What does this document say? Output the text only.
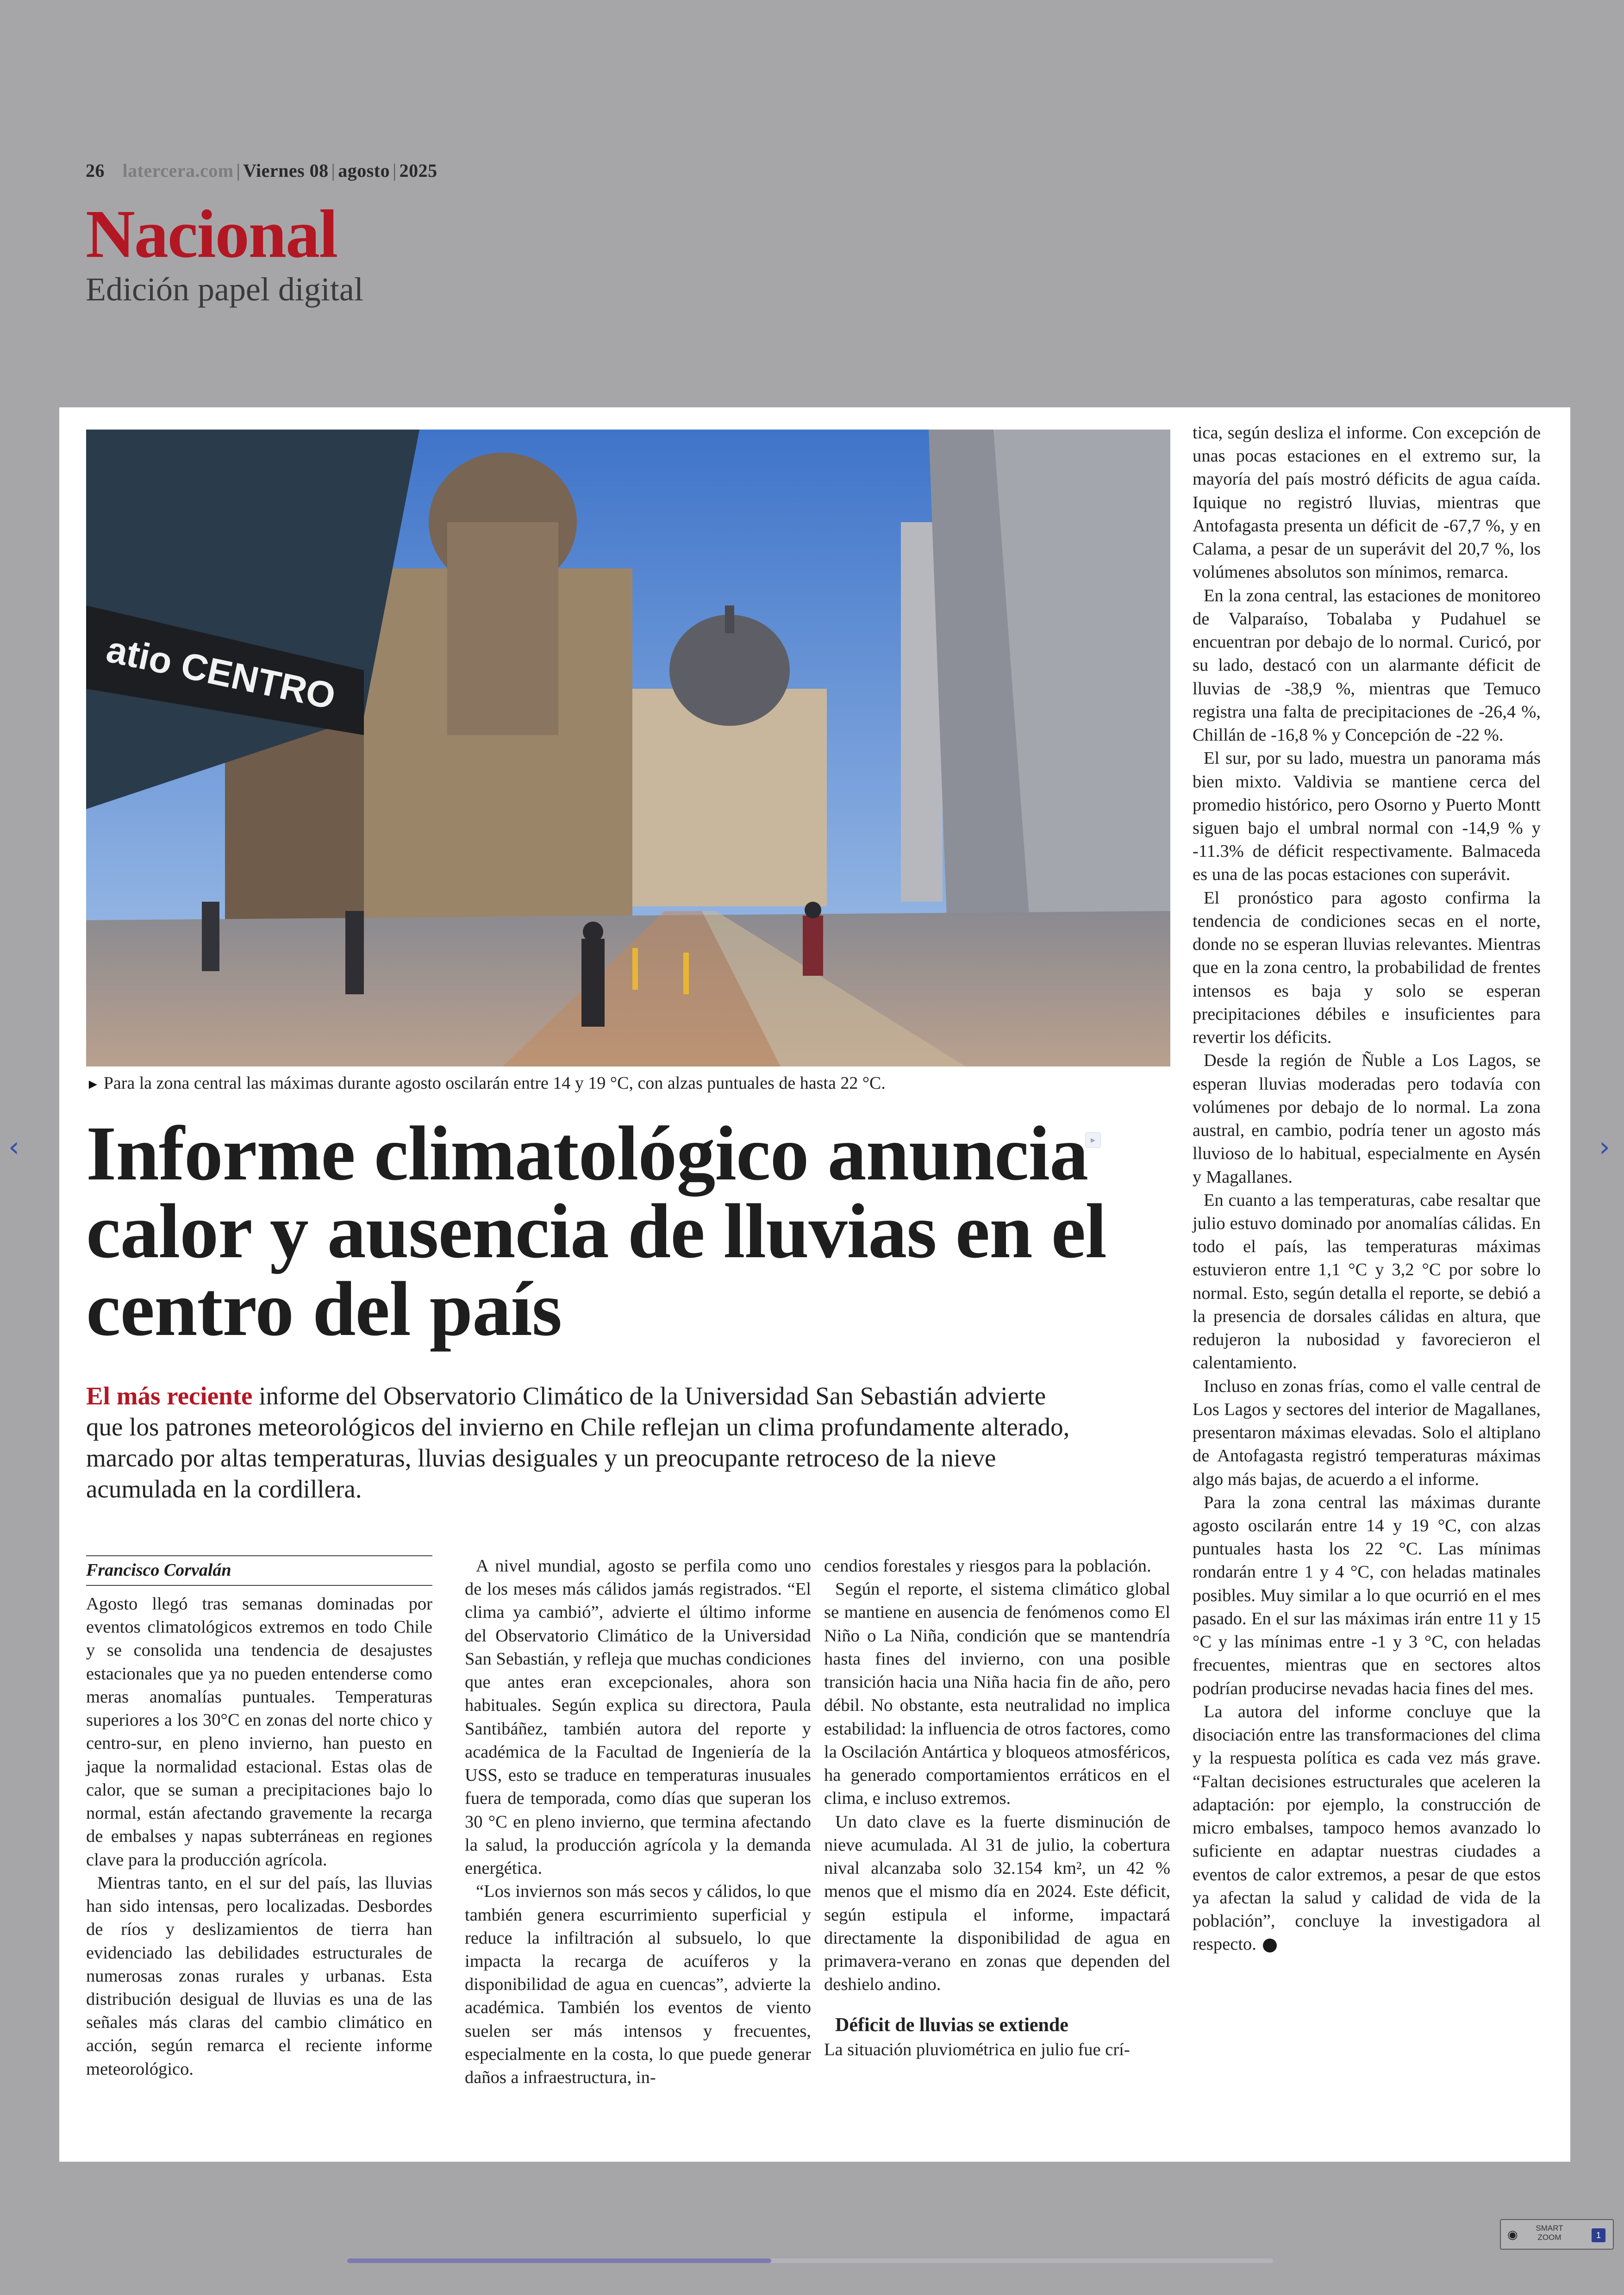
26 latercera.com | Viernes 08 | agosto | 2025
Nacional
Edición papel digital
atio CENTRO
► Para la zona central las máximas durante agosto oscilarán entre 14 y 19 °C, con alzas puntuales de hasta 22 °C.
▸
Informe climatológico anuncia calor y ausencia de lluvias en el centro del país
El más reciente informe del Observatorio Climático de la Universidad San Sebastián advierte que los patrones meteorológicos del invierno en Chile reflejan un clima profundamente alterado, marcado por altas temperaturas, lluvias desiguales y un preocupante retroceso de la nieve acumulada en la cordillera.
Francisco Corvalán

Agosto llegó tras semanas dominadas por eventos climatológicos extremos en todo Chile y se consolida una tendencia de desajustes estacionales que ya no pueden entenderse como meras anomalías puntuales. Temperaturas superiores a los 30°C en zonas del norte chico y centro-sur, en pleno invierno, han puesto en jaque la normalidad estacional. Estas olas de calor, que se suman a precipitaciones bajo lo normal, están afectando gravemente la recarga de embalses y napas subterráneas en regiones clave para la producción agrícola.

Mientras tanto, en el sur del país, las lluvias han sido intensas, pero localizadas. Desbordes de ríos y deslizamientos de tierra han evidenciado las debilidades estructurales de numerosas zonas rurales y urbanas. Esta distribución desigual de lluvias es una de las señales más claras del cambio climático en acción, según remarca el reciente informe meteorológico.

A nivel mundial, agosto se perfila como uno de los meses más cálidos jamás registrados. “El clima ya cambió”, advierte el último informe del Observatorio Climático de la Universidad San Sebastián, y refleja que muchas condiciones que antes eran excepcionales, ahora son habituales. Según explica su directora, Paula Santibáñez, también autora del reporte y académica de la Facultad de Ingeniería de la USS, esto se traduce en temperaturas inusuales fuera de temporada, como días que superan los 30 °C en pleno invierno, que termina afectando la salud, la producción agrícola y la demanda energética.

“Los inviernos son más secos y cálidos, lo que también genera escurrimiento superficial y reduce la infiltración al subsuelo, lo que impacta la recarga de acuíferos y la disponibilidad de agua en cuencas”, advierte la académica. También los eventos de viento suelen ser más intensos y frecuentes, especialmente en la costa, lo que puede generar daños a infraestructura, in-

cendios forestales y riesgos para la población.

Según el reporte, el sistema climático global se mantiene en ausencia de fenómenos como El Niño o La Niña, condición que se mantendría hasta fines del invierno, con una posible transición hacia una Niña hacia fin de año, pero débil. No obstante, esta neutralidad no implica estabilidad: la influencia de otros factores, como la Oscilación Antártica y bloqueos atmosféricos, ha generado comportamientos erráticos en el clima, e incluso extremos.

Un dato clave es la fuerte disminución de nieve acumulada. Al 31 de julio, la cobertura nival alcanzaba solo 32.154 km², un 42 % menos que el mismo día en 2024. Este déficit, según estipula el informe, impactará directamente la disponibilidad de agua en primavera-verano en zonas que dependen del deshielo andino.

Déficit de lluvias se extiende

La situación pluviométrica en julio fue crí-

tica, según desliza el informe. Con excepción de unas pocas estaciones en el extremo sur, la mayoría del país mostró déficits de agua caída. Iquique no registró lluvias, mientras que Antofagasta presenta un déficit de -67,7 %, y en Calama, a pesar de un superávit del 20,7 %, los volúmenes absolutos son mínimos, remarca.

En la zona central, las estaciones de monitoreo de Valparaíso, Tobalaba y Pudahuel se encuentran por debajo de lo normal. Curicó, por su lado, destacó con un alarmante déficit de lluvias de -38,9 %, mientras que Temuco registra una falta de precipitaciones de -26,4 %, Chillán de -16,8 % y Concepción de -22 %.

El sur, por su lado, muestra un panorama más bien mixto. Valdivia se mantiene cerca del promedio histórico, pero Osorno y Puerto Montt siguen bajo el umbral normal con -14,9 % y -11.3% de déficit respectivamente. Balmaceda es una de las pocas estaciones con superávit.

El pronóstico para agosto confirma la tendencia de condiciones secas en el norte, donde no se esperan lluvias relevantes. Mientras que en la zona centro, la probabilidad de frentes intensos es baja y solo se esperan precipitaciones débiles e insuficientes para revertir los déficits.

Desde la región de Ñuble a Los Lagos, se esperan lluvias moderadas pero todavía con volúmenes por debajo de lo normal. La zona austral, en cambio, podría tener un agosto más lluvioso de lo habitual, especialmente en Aysén y Magallanes.

En cuanto a las temperaturas, cabe resaltar que julio estuvo dominado por anomalías cálidas. En todo el país, las temperaturas máximas estuvieron entre 1,1 °C y 3,2 °C por sobre lo normal. Esto, según detalla el reporte, se debió a la presencia de dorsales cálidas en altura, que redujeron la nubosidad y favorecieron el calentamiento.

Incluso en zonas frías, como el valle central de Los Lagos y sectores del interior de Magallanes, presentaron máximas elevadas. Solo el altiplano de Antofagasta registró temperaturas máximas algo más bajas, de acuerdo a el informe.

Para la zona central las máximas durante agosto oscilarán entre 14 y 19 °C, con alzas puntuales hasta los 22 °C. Las mínimas rondarán entre 1 y 4 °C, con heladas matinales posibles. Muy similar a lo que ocurrió en el mes pasado. En el sur las máximas irán entre 11 y 15 °C y las mínimas entre -1 y 3 °C, con heladas frecuentes, mientras que en sectores altos podrían producirse nevadas hacia fines del mes.

La autora del informe concluye que la disociación entre las transformaciones del clima y la respuesta política es cada vez más grave. “Faltan decisiones estructurales que aceleren la adaptación: por ejemplo, la construcción de micro embalses, tampoco hemos avanzado lo suficiente en adaptar nuestras ciudades a eventos de calor extremos, a pesar de que estos ya afectan la salud y calidad de vida de la población”, concluye la investigadora al respecto.

‹	›
◉	SMART
ZOOM	1
